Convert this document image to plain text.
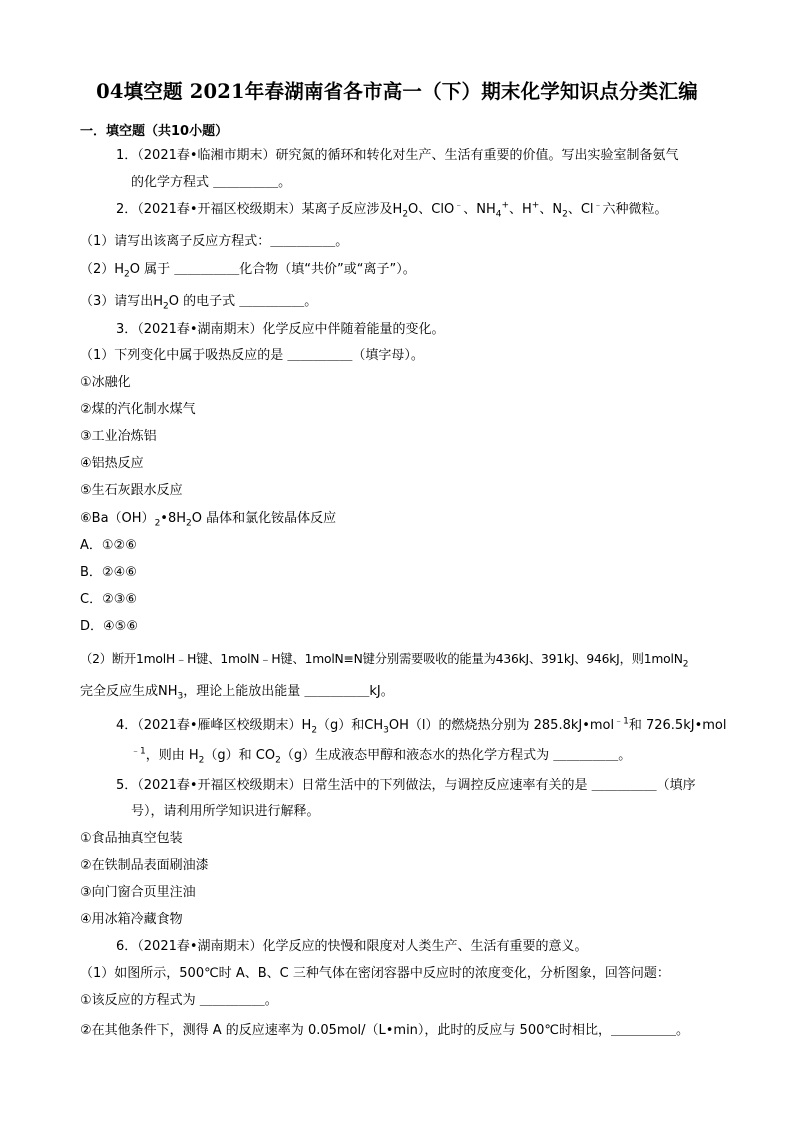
04填空题 2021年春湖南省各市高一（下）期末化学知识点分类汇编
一．填空题（共10小题）
1．（2021春•临湘市期末）研究氮的循环和转化对生产、生活有重要的价值。写出实验室制备氨气
的化学方程式 ＿＿＿＿＿。
2．（2021春•开福区校级期末）某离子反应涉及$H_2O$、ClO﹣、$NH_4^+$、H+、$N_2$、Cl﹣六种微粒。
（1）请写出该离子反应方程式：＿＿＿＿＿。
$(2)H_2O$ 属于 ＿＿＿＿＿化合物（填“共价”或“离子”）。
（3）请写出$H_2O$ 的电子式 ＿＿＿＿＿。
3．（2021春•湖南期末）化学反应中伴随着能量的变化。
（1）下列变化中属于吸热反应的是 ＿＿＿＿＿（填字母）。
①冰融化
②煤的汽化制水煤气
③工业冶炼铝
④铝热反应
⑤生石灰跟水反应
$⑥Ba(OH)_2•8H_2O$ 晶体和氯化铵晶体反应
A．①②⑥
B．②④⑥
C．②③⑥
D．④⑤⑥
（2）断开1molH﹣H键、1molN﹣H键、1molN≡N键分别需要吸收的能量为436kJ、391kJ、946kJ，则1molN$_2$
完全反应生成$NH_3$，理论上能放出能量 ＿＿＿＿＿kJ。
4．（2021春•雁峰区校级期末）$H_2(g)$和$CH_3OH(l)$的燃烧热分别为 285.8kJ•mol$^{﹣1}$和 726.5kJ•mol
$^{﹣1}$，则由 $H_2(g)$和 $CO_2(g)$生成液态甲醇和液态水的热化学方程式为 ＿＿＿＿＿。
5．（2021春•开福区校级期末）日常生活中的下列做法，与调控反应速率有关的是 ＿＿＿＿＿（填序
号），请利用所学知识进行解释。
①食品抽真空包装
②在铁制品表面刷油漆
③向门窗合页里注油
④用冰箱冷藏食物
6．（2021春•湖南期末）化学反应的快慢和限度对人类生产、生活有重要的意义。
（1）如图所示，500℃时 A、B、C 三种气体在密闭容器中反应时的浓度变化，分析图象，回答问题：
①该反应的方程式为 ＿＿＿＿＿。
②在其他条件下，测得 A 的反应速率为 0.05mol/（L•min），此时的反应与 500℃时相比，＿＿＿＿＿。
